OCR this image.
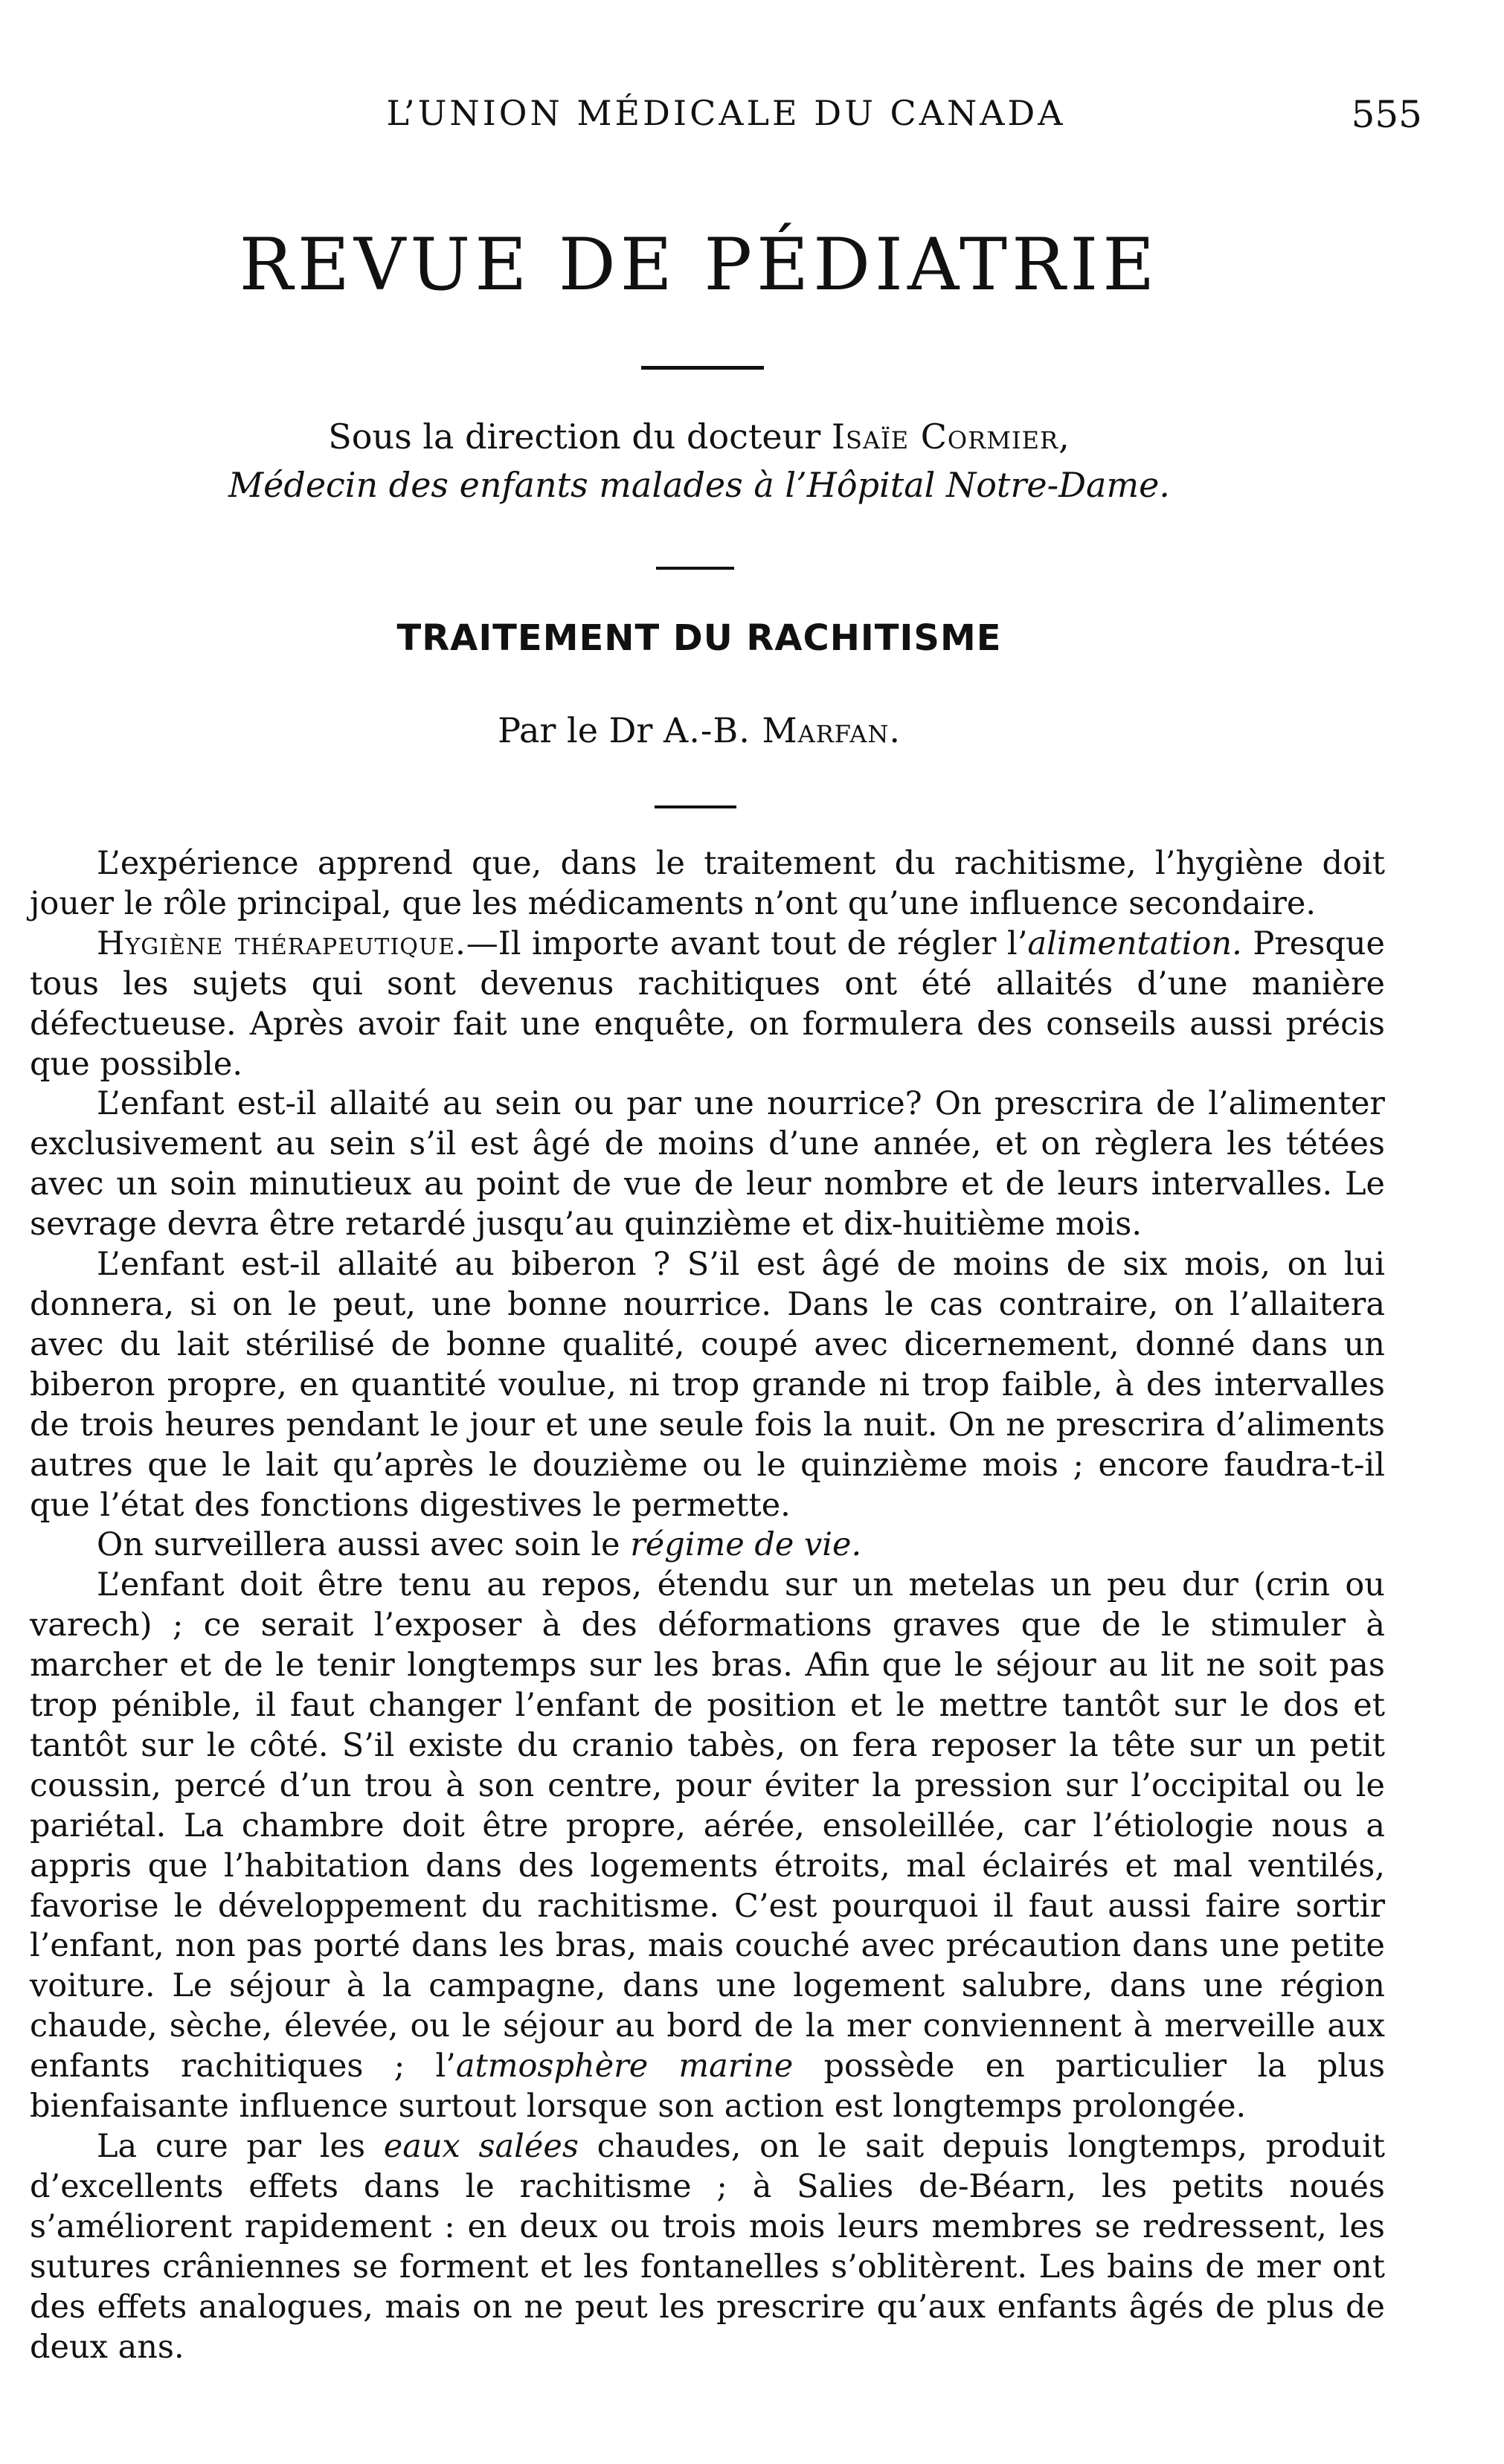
L’UNION MÉDICALE DU CANADA	555
REVUE DE PÉDIATRIE
Sous la direction du docteur Isaïe Cormier,
Médecin des enfants malades à l’Hôpital Notre-Dame.
TRAITEMENT DU RACHITISME
Par le Dr A.-B. Marfan.

L’expérience apprend que, dans le traitement du rachitisme, l’hygiène doit jouer le rôle principal, que les médicaments n’ont qu’une influence secondaire.

Hygiène thérapeutique.—Il importe avant tout de régler l’alimentation. Presque tous les sujets qui sont devenus rachitiques ont été allaités d’une manière défectueuse. Après avoir fait une enquête, on formulera des conseils aussi précis que possible.

L’enfant est-il allaité au sein ou par une nourrice? On prescrira de l’alimenter exclusivement au sein s’il est âgé de moins d’une année, et on règlera les tétées avec un soin minutieux au point de vue de leur nombre et de leurs intervalles. Le sevrage devra être retardé jusqu’au quinzième et dix-huitième mois.

L’enfant est-il allaité au biberon ? S’il est âgé de moins de six mois, on lui donnera, si on le peut, une bonne nourrice. Dans le cas contraire, on l’allaitera avec du lait stérilisé de bonne qualité, coupé avec dicernement, donné dans un biberon propre, en quantité voulue, ni trop grande ni trop faible, à des intervalles de trois heures pendant le jour et une seule fois la nuit. On ne prescrira d’aliments autres que le lait qu’après le douzième ou le quinzième mois ; encore faudra-t-il que l’état des fonctions digestives le permette.

On surveillera aussi avec soin le régime de vie.

L’enfant doit être tenu au repos, étendu sur un metelas un peu dur (crin ou varech) ; ce serait l’exposer à des déformations graves que de le stimuler à marcher et de le tenir longtemps sur les bras. Afin que le séjour au lit ne soit pas trop pénible, il faut changer l’enfant de position et le mettre tantôt sur le dos et tantôt sur le côté. S’il existe du cranio tabès, on fera reposer la tête sur un petit coussin, percé d’un trou à son centre, pour éviter la pression sur l’occipital ou le pariétal. La chambre doit être propre, aérée, ensoleillée, car l’étiologie nous a appris que l’habitation dans des logements étroits, mal éclairés et mal ventilés, favorise le développement du rachitisme. C’est pourquoi il faut aussi faire sortir l’enfant, non pas porté dans les bras, mais couché avec précaution dans une petite voiture. Le séjour à la campagne, dans une logement salubre, dans une région chaude, sèche, élevée, ou le séjour au bord de la mer conviennent à merveille aux enfants rachitiques ; l’atmosphère marine possède en particulier la plus bienfaisante influence surtout lorsque son action est longtemps prolongée.

La cure par les eaux salées chaudes, on le sait depuis longtemps, produit d’excellents effets dans le rachitisme ; à Salies de-Béarn, les petits noués s’améliorent rapidement : en deux ou trois mois leurs membres se redressent, les sutures crâniennes se forment et les fontanelles s’oblitèrent. Les bains de mer ont des effets analogues, mais on ne peut les prescrire qu’aux enfants âgés de plus de deux ans.
